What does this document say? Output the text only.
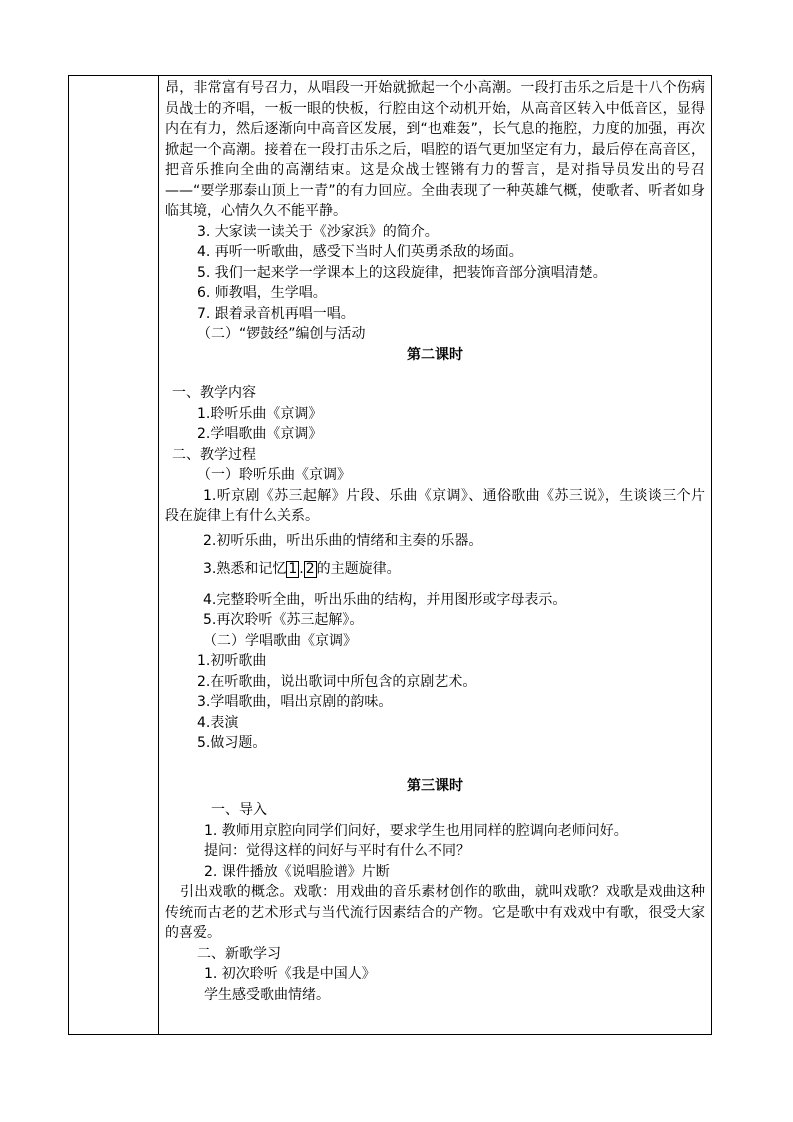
昂，非常富有号召力，从唱段一开始就掀起一个小高潮。一段打击乐之后是十八个伤病员战士的齐唱，一板一眼的快板，行腔由这个动机开始，从高音区转入中低音区，显得内在有力，然后逐渐向中高音区发展，到“也难轰”，长气息的拖腔，力度的加强，再次掀起一个高潮。接着在一段打击乐之后，唱腔的语气更加坚定有力，最后停在高音区，把音乐推向全曲的高潮结束。这是众战士铿锵有力的誓言，是对指导员发出的号召——“要学那泰山顶上一青”的有力回应。全曲表现了一种英雄气概，使歌者、听者如身临其境，心情久久不能平静。
3. 大家读一读关于《沙家浜》的简介。
4. 再听一听歌曲，感受下当时人们英勇杀敌的场面。
5. 我们一起来学一学课本上的这段旋律，把装饰音部分演唱清楚。
6. 师教唱，生学唱。
7. 跟着录音机再唱一唱。
（二）“锣鼓经”编创与活动
第二课时
一、教学内容
1.聆听乐曲《京调》
2.学唱歌曲《京调》
二、教学过程
（一）聆听乐曲《京调》
1.听京剧《苏三起解》片段、乐曲《京调》、通俗歌曲《苏三说》，生谈谈三个片段在旋律上有什么关系。
2.初听乐曲，听出乐曲的情绪和主奏的乐器。
3.熟悉和记忆 1 . 2 的主题旋律。
4.完整聆听全曲，听出乐曲的结构，并用图形或字母表示。
5.再次聆听《苏三起解》。
（二）学唱歌曲《京调》
1.初听歌曲
2.在听歌曲，说出歌词中所包含的京剧艺术。
3.学唱歌曲，唱出京剧的韵味。
4.表演
5.做习题。
第三课时
一、导入
1. 教师用京腔向同学们问好，要求学生也用同样的腔调向老师问好。
提问：觉得这样的问好与平时有什么不同？
2. 课件播放《说唱脸谱》片断
引出戏歌的概念。戏歌：用戏曲的音乐素材创作的歌曲，就叫戏歌？戏歌是戏曲这种传统而古老的艺术形式与当代流行因素结合的产物。它是歌中有戏戏中有歌，很受大家的喜爱。
二、新歌学习
1. 初次聆听《我是中国人》
学生感受歌曲情绪。
